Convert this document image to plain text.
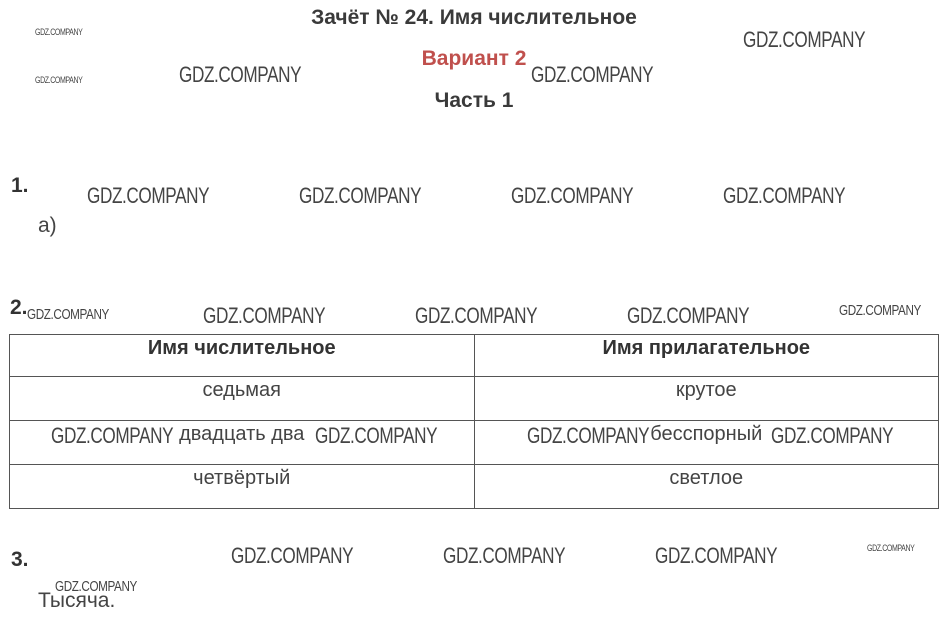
Зачёт № 24. Имя числительное
Вариант 2
Часть 1
GDZ.COMPANY
GDZ.COMPANY	GDZ.COMPANY	GDZ.COMPANY
GDZ.COMPANY
1.
а)
GDZ.COMPANY	GDZ.COMPANY	GDZ.COMPANY	GDZ.COMPANY
2. GDZ.COMPANY	GDZ.COMPANY	GDZ.COMPANY	GDZ.COMPANY	GDZ.COMPANY
Имя числительное	Имя прилагательное
седьмая	крутое
двадцать два	бесспорный
четвёртый	светлое
GDZ.COMPANY	GDZ.COMPANY	GDZ.COMPANY	GDZ.COMPANY
3.	GDZ.COMPANY	GDZ.COMPANY	GDZ.COMPANY	GDZ.COMPANY
GDZ.COMPANY
Тысяча.
